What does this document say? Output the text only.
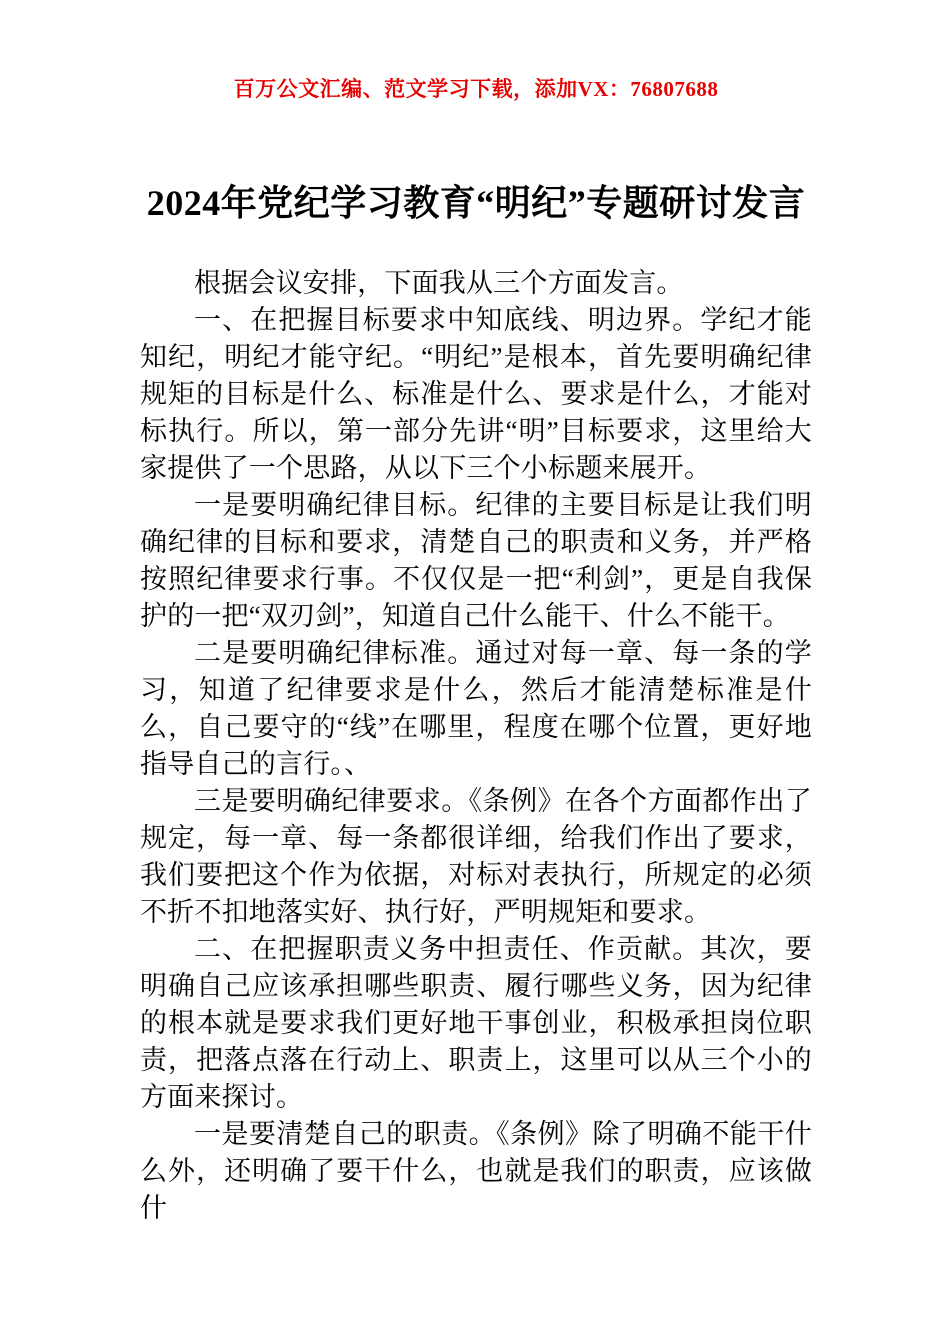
百万公文汇编、范文学习下载，添加VX：76807688

2024年党纪学习教育“明纪”专题研讨发言

根据会议安排，下面我从三个方面发言。

一、在把握目标要求中知底线、明边界。学纪才能知纪，明纪才能守纪。“明纪”是根本，首先要明确纪律规矩的目标是什么、标准是什么、要求是什么，才能对标执行。所以，第一部分先讲“明”目标要求，这里给大家提供了一个思路，从以下三个小标题来展开。

一是要明确纪律目标。纪律的主要目标是让我们明确纪律的目标和要求，清楚自己的职责和义务，并严格按照纪律要求行事。不仅仅是一把“利剑”，更是自我保护的一把“双刃剑”，知道自己什么能干、什么不能干。

二是要明确纪律标准。通过对每一章、每一条的学习，知道了纪律要求是什么，然后才能清楚标准是什么，自己要守的“线”在哪里，程度在哪个位置，更好地指导自己的言行。、

三是要明确纪律要求。《条例》在各个方面都作出了规定，每一章、每一条都很详细，给我们作出了要求，我们要把这个作为依据，对标对表执行，所规定的必须不折不扣地落实好、执行好，严明规矩和要求。

二、在把握职责义务中担责任、作贡献。其次，要明确自己应该承担哪些职责、履行哪些义务，因为纪律的根本就是要求我们更好地干事创业，积极承担岗位职责，把落点落在行动上、职责上，这里可以从三个小的方面来探讨。

一是要清楚自己的职责。《条例》除了明确不能干什么外，还明确了要干什么，也就是我们的职责，应该做什
